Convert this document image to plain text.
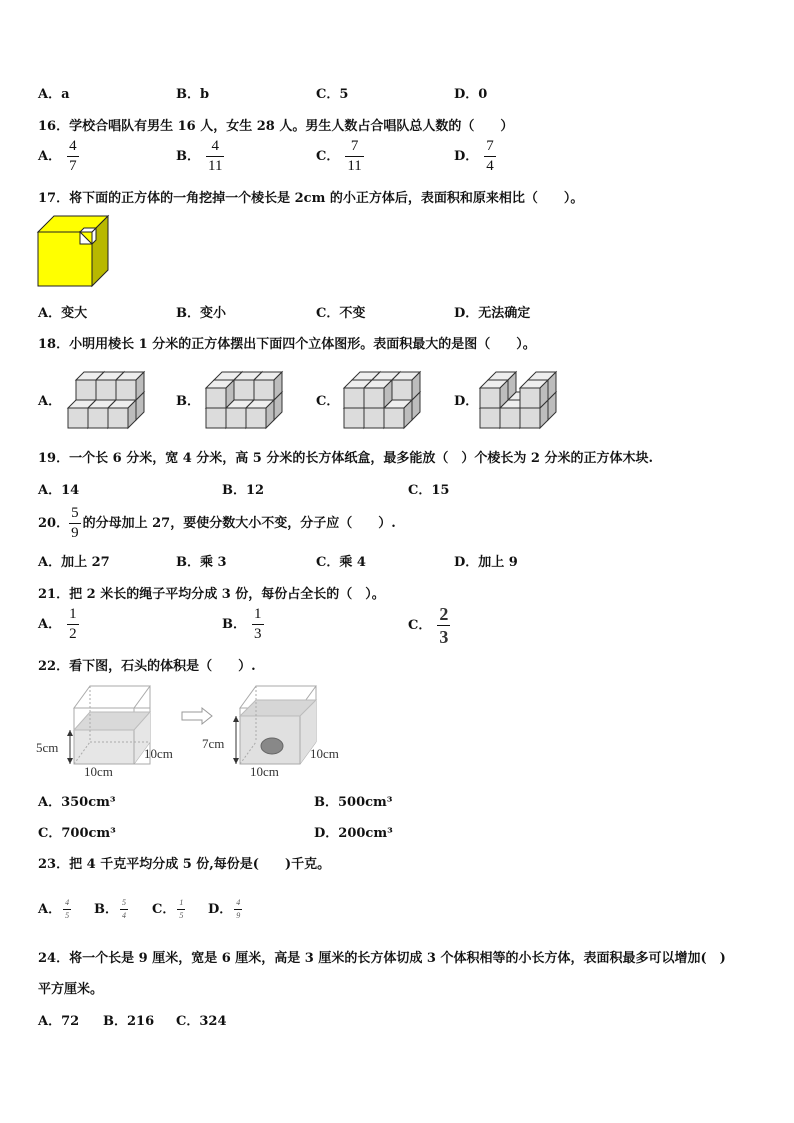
A．a	B．b	C．5	D．0
16．学校合唱队有男生 16 人，女生 28 人。男生人数占合唱队总人数的（　　）
A． $\frac{4}{7}$	B． $\frac{4}{11}$	C． $\frac{7}{11}$	D． $\frac{7}{4}$
17．将下面的正方体的一角挖掉一个棱长是 2cm 的小正方体后，表面积和原来相比（　　）。
A．变大	B．变小	C．不变	D．无法确定
18．小明用棱长 1 分米的正方体摆出下面四个立体图形。表面积最大的是图（　　）。
A．	B．	C．	D．
19．一个长 6 分米，宽 4 分米，高 5 分米的长方体纸盒，最多能放（　）个棱长为 2 分米的正方体木块.
A．14	B．12	C．15
20． $\frac{5}{9}$ 的分母加上 27，要使分数大小不变，分子应（　　）.
A．加上 27	B．乘 3	C．乘 4	D．加上 9
21．把 2 米长的绳子平均分成 3 份，每份占全长的（　）。
A． $\frac{1}{2}$	B． $\frac{1}{3}$	C． $\frac{2}{3}$
22．看下图，石头的体积是（　　）.
5cm	10cm
10cm
7cm
10cm
10cm
A．350cm³	B．500cm³
C．700cm³	D．200cm³
23．把 4 千克平均分成 5 份,每份是(　　)千克。
A． $\frac{4}{5}$ B． $\frac{5}{4}$ C． $\frac{1}{5}$ D． $\frac{4}{9}$
24．将一个长是 9 厘米，宽是 6 厘米，高是 3 厘米的长方体切成 3 个体积相等的小长方体，表面积最多可以增加(　)
平方厘米。
A．72 B．216 C．324
